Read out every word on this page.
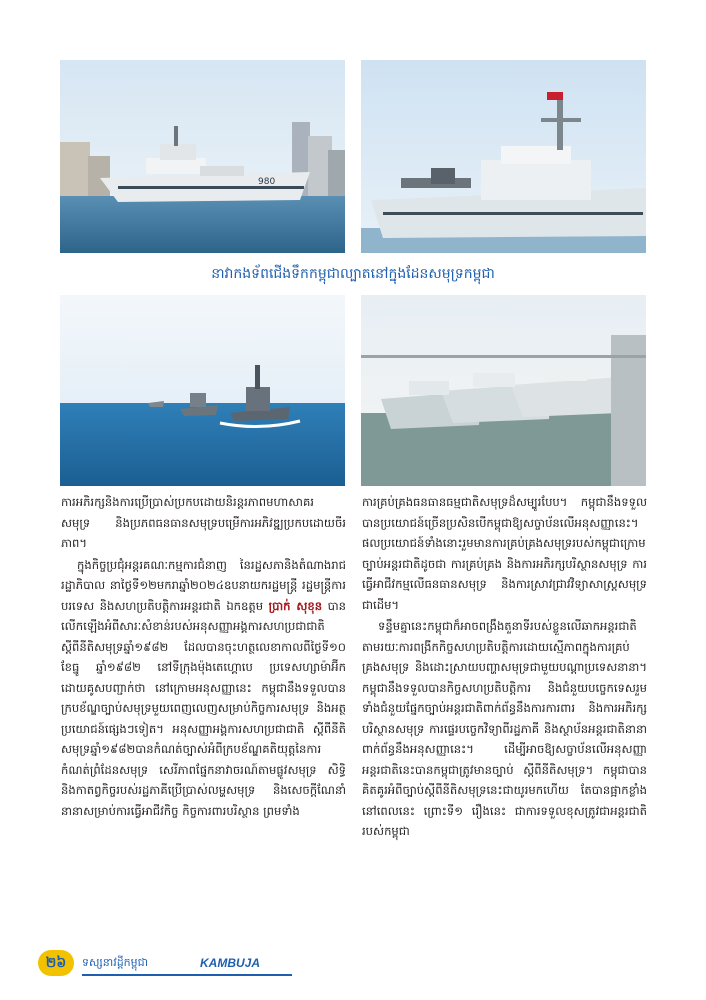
980
នាវាកងទ័ពជើងទឹកកម្ពុជាល្បាតនៅក្នុងដែនសមុទ្រកម្ពុជា

ការអភិរក្សនិងការប្រើប្រាស់ប្រកបដោយនិរន្តរភាពមហាសាគរ សមុទ្រ និងប្រភពធនធានសមុទ្របម្រើការអភិវឌ្ឍប្រកបដោយចីរភាព។

ក្នុងកិច្ចប្រជុំអន្តរគណៈកម្មការជំនាញ នៃរដ្ឋសភានិងតំណាងរាជរដ្ឋាភិបាល នាថ្ងៃទី១២មករាឆ្នាំ២០២៤ឧបនាយករដ្ឋមន្ត្រី រដ្ឋមន្ត្រីការបរទេស និងសហប្រតិបត្តិការអន្តរជាតិ ឯកឧត្តម ប្រាក់ សុខុន បានលើកឡើងអំពីសារៈសំខាន់របស់អនុសញ្ញាអង្គការសហប្រជាជាតិ ស្តីពីនីតិសមុទ្រឆ្នាំ១៩៨២ ដែលបានចុះហត្ថលេខាកាលពីថ្ងៃទី១០ ខែធ្នូ ឆ្នាំ១៩៨២ នៅទីក្រុងម៉ុងតេហ្គោបេ ប្រទេសហ្សាម៉ាអ៊ីក ដោយគូសបញ្ជាក់ថា នៅក្រោមអនុសញ្ញានេះ កម្ពុជានឹងទទួលបានក្របខ័ណ្ឌច្បាប់សមុទ្រមួយពេញលេញសម្រាប់កិច្ចការសមុទ្រ និងអត្ថប្រយោជន៍ផ្សេងៗទៀត។ អនុសញ្ញាអង្គការសហប្រជាជាតិ ស្តីពីនីតិសមុទ្រឆ្នាំ១៩៨២បានកំណត់ច្បាស់អំពីក្របខ័ណ្ឌគតិយុត្តនៃការកំណត់ព្រំដែនសមុទ្រ សេរីភាពផ្នែកនាវាចរណ៍តាមផ្លូវសមុទ្រ សិទ្ធិនិងកាតព្វកិច្ចរបស់រដ្ឋភាគីប្រើប្រាស់លម្ហសមុទ្រ និងសេចក្តីណែនាំនានាសម្រាប់ការធ្វើអាជីវកិច្ច កិច្ចការពារបរិស្ថាន ព្រមទាំង

ការគ្រប់គ្រងធនធានធម្មជាតិសមុទ្រដ៏សម្បូរបែប។ កម្ពុជានឹងទទួលបានប្រយោជន៍ច្រើនប្រសិនបើកម្ពុជាឱ្យសច្ចាប័នលើអនុសញ្ញានេះ។ ផលប្រយោជន៍ទាំងនោះរួមមានការគ្រប់គ្រងសមុទ្ររបស់កម្ពុជាក្រោមច្បាប់អន្តរជាតិដូចជា ការគ្រប់គ្រង និងការអភិរក្សបរិស្ថានសមុទ្រ ការធ្វើអាជីវកម្មលើធនធានសមុទ្រ និងការស្រាវជ្រាវវិទ្យាសាស្ត្រសមុទ្រជាដើម។

ទន្ទឹមគ្នានេះកម្ពុជាក៏អាចពង្រឹងតួនាទីរបស់ខ្លួនលើឆាកអន្តរជាតិតាមរយៈការពង្រីកកិច្ចសហប្រតិបត្តិការដោយស្មើភាពក្នុងការគ្រប់គ្រងសមុទ្រ និងដោះស្រាយបញ្ហាសមុទ្រជាមួយបណ្តាប្រទេសនានា។ កម្ពុជានឹងទទួលបានកិច្ចសហប្រតិបត្តិការ និងជំនួយបច្ចេកទេសរួមទាំងជំនួយផ្នែកច្បាប់អន្តរជាតិពាក់ព័ន្ធនឹងការការពារ និងការអភិរក្សបរិស្ថានសមុទ្រ ការផ្ទេរបច្ចេកវិទ្យាពីរដ្ឋភាគី និងស្ថាប័នអន្តរជាតិនានាពាក់ព័ន្ធនឹងអនុសញ្ញានេះ។ ដើម្បីអាចឱ្យសច្ចាប័នលើអនុសញ្ញាអន្តរជាតិនេះបានកម្ពុជាត្រូវមានច្បាប់ ស្តីពីនីតិសមុទ្រ។ កម្ពុជាបានគិតគូរអំពីច្បាប់ស្តីពីនីតិសមុទ្រនេះជាយូរមកហើយ តែបានផ្អាកខ្លាំងនៅពេលនេះ ព្រោះទី១ រឿងនេះ ជាការទទួលខុសត្រូវជាអន្តរជាតិរបស់កម្ពុជា

២៦	ទស្សនាវដ្តីកម្ពុជា	KAMBUJA
